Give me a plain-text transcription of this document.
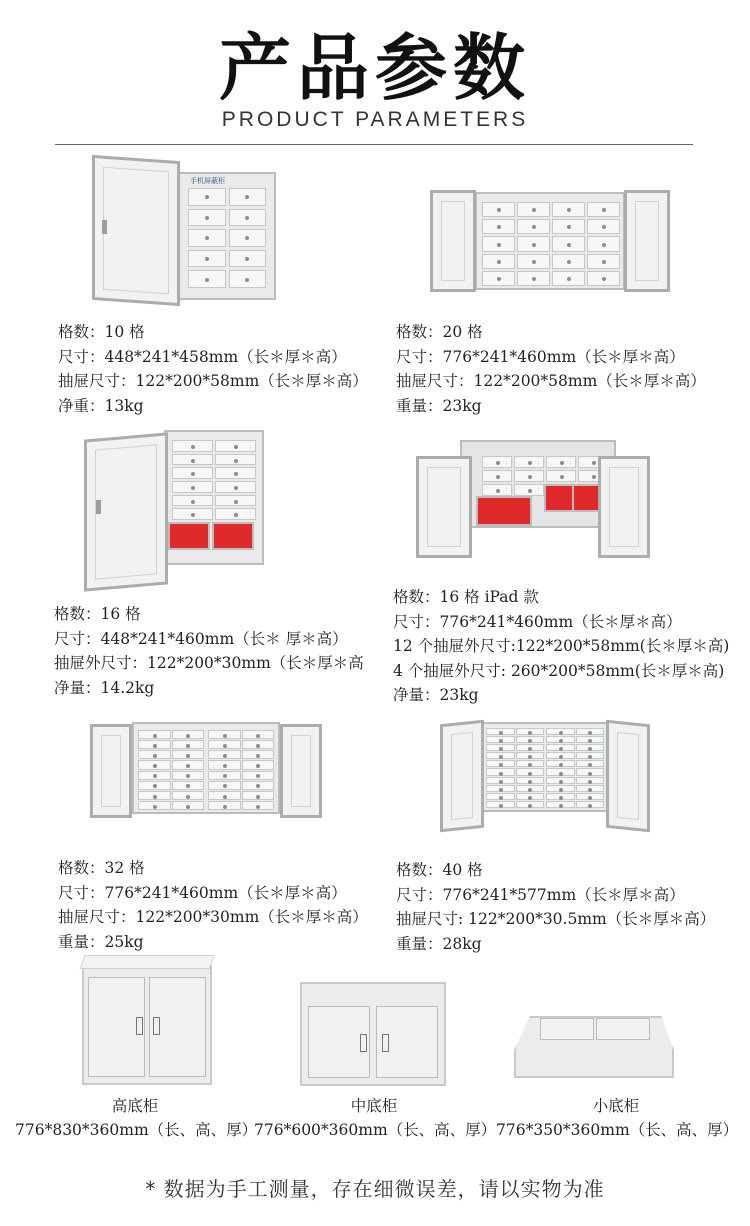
产品参数
PRODUCT PARAMETERS
手机屏蔽柜
格数：10 格
尺寸：448*241*458mm（长＊厚＊高）
抽屉尺寸：122*200*58mm（长＊厚＊高）
净重：13kg
格数：20 格
尺寸：776*241*460mm（长＊厚＊高）
抽屉尺寸：122*200*58mm（长＊厚＊高）
重量：23kg
格数：16 格
尺寸：448*241*460mm（长＊ 厚＊高）
抽屉外尺寸：122*200*30mm（长＊厚＊高
净量：14.2kg
格数：16 格 iPad 款
尺寸：776*241*460mm（长＊厚＊高）
12 个抽屉外尺寸:122*200*58mm(长＊厚＊高)
4 个抽屉外尺寸: 260*200*58mm(长＊厚＊高)
净量：23kg
格数：32 格
尺寸：776*241*460mm（长＊厚＊高）
抽屉尺寸：122*200*30mm（长＊厚＊高）
重量：25kg
格数：40 格
尺寸：776*241*577mm（长＊厚＊高）
抽屉尺寸: 122*200*30.5mm（长＊厚＊高）
重量：28kg
高底柜
776*830*360mm（长、高、厚）
中底柜
776*600*360mm（长、高、厚）
小底柜
776*350*360mm（长、高、厚）
* 数据为手工测量，存在细微误差，请以实物为准
